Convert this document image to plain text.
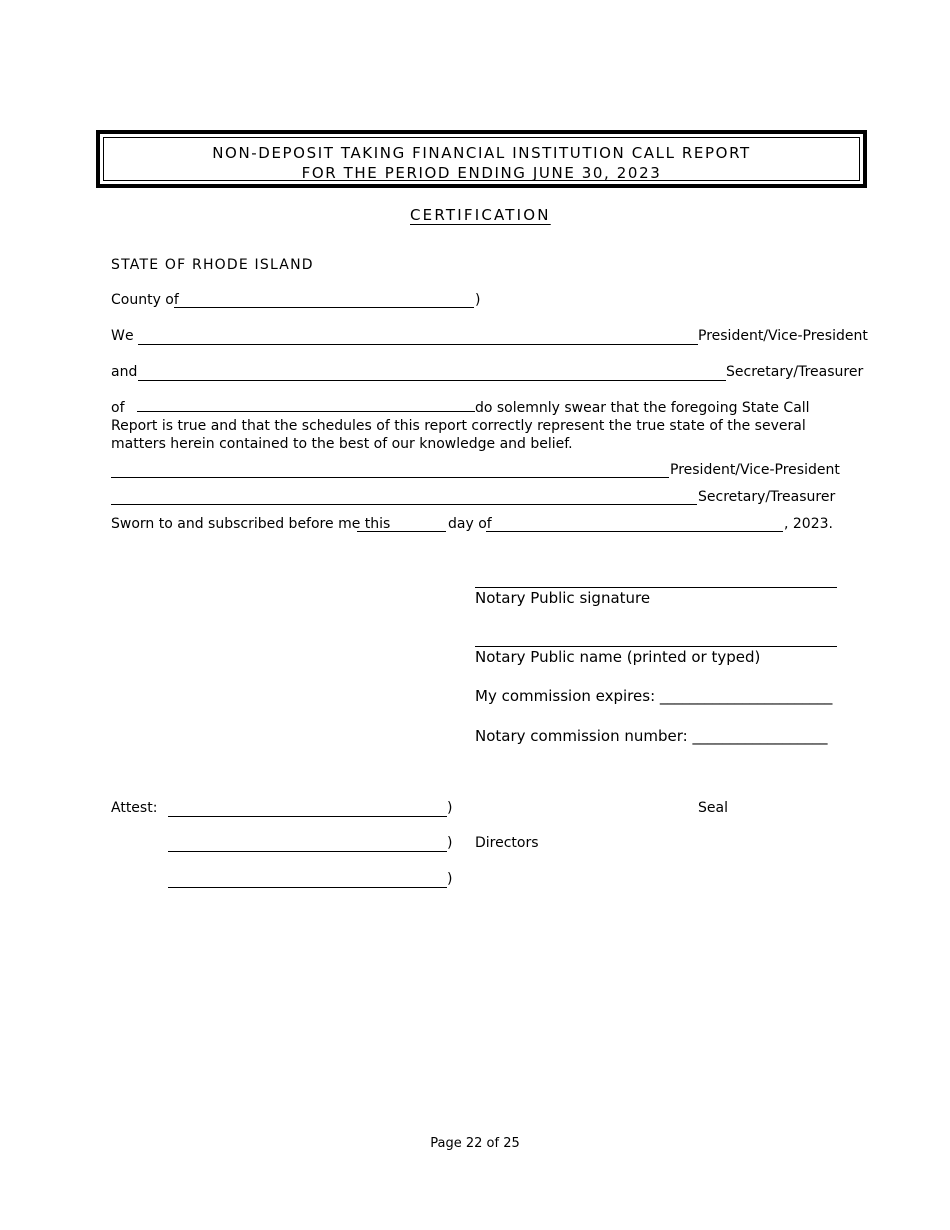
NON-DEPOSIT TAKING FINANCIAL INSTITUTION CALL REPORT
FOR THE PERIOD ENDING JUNE 30, 2023
CERTIFICATION
STATE OF RHODE ISLAND
County of	)
We	President/Vice-President
and	Secretary/Treasurer
of	do solemnly swear that the foregoing State Call Report is true and that the schedules of this report correctly represent the true state of the several matters herein contained to the best of our knowledge and belief.
President/Vice-President
Secretary/Treasurer
Sworn to and subscribed before me this	day of	, 2023.
Notary Public signature
Notary Public name (printed or typed)
My commission expires: _______________________
Notary commission number: __________________
Attest:	)	Seal
) Directors
)
Page 22 of 25
